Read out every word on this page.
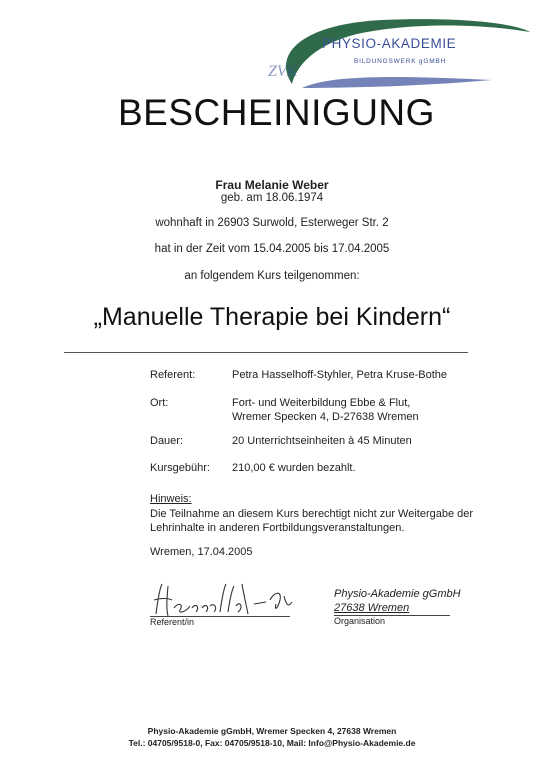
ZVK
PHYSIO-AKADEMIE
BILDUNGSWERK gGMBH
BESCHEINIGUNG
Frau Melanie Weber
geb. am 18.06.1974
wohnhaft in 26903 Surwold, Esterweger Str. 2
hat in der Zeit vom 15.04.2005 bis 17.04.2005
an folgendem Kurs teilgenommen:
„Manuelle Therapie bei Kindern“
Referent:	Petra Hasselhoff-Styhler, Petra Kruse-Bothe
Ort:	Fort- und Weiterbildung Ebbe & Flut,
Wremer Specken 4, D-27638 Wremen
Dauer:	20 Unterrichtseinheiten à 45 Minuten
Kursgebühr: 210,00 € wurden bezahlt.
Hinweis:
Die Teilnahme an diesem Kurs berechtigt nicht zur Weitergabe der Lehrinhalte in anderen Fortbildungsveranstaltungen.
Wremen, 17.04.2005
Referent/in
Physio-Akademie gGmbH
27638 Wremen
Organisation
Physio-Akademie gGmbH, Wremer Specken 4, 27638 Wremen
Tel.: 04705/9518-0, Fax: 04705/9518-10, Mail: Info@Physio-Akademie.de
